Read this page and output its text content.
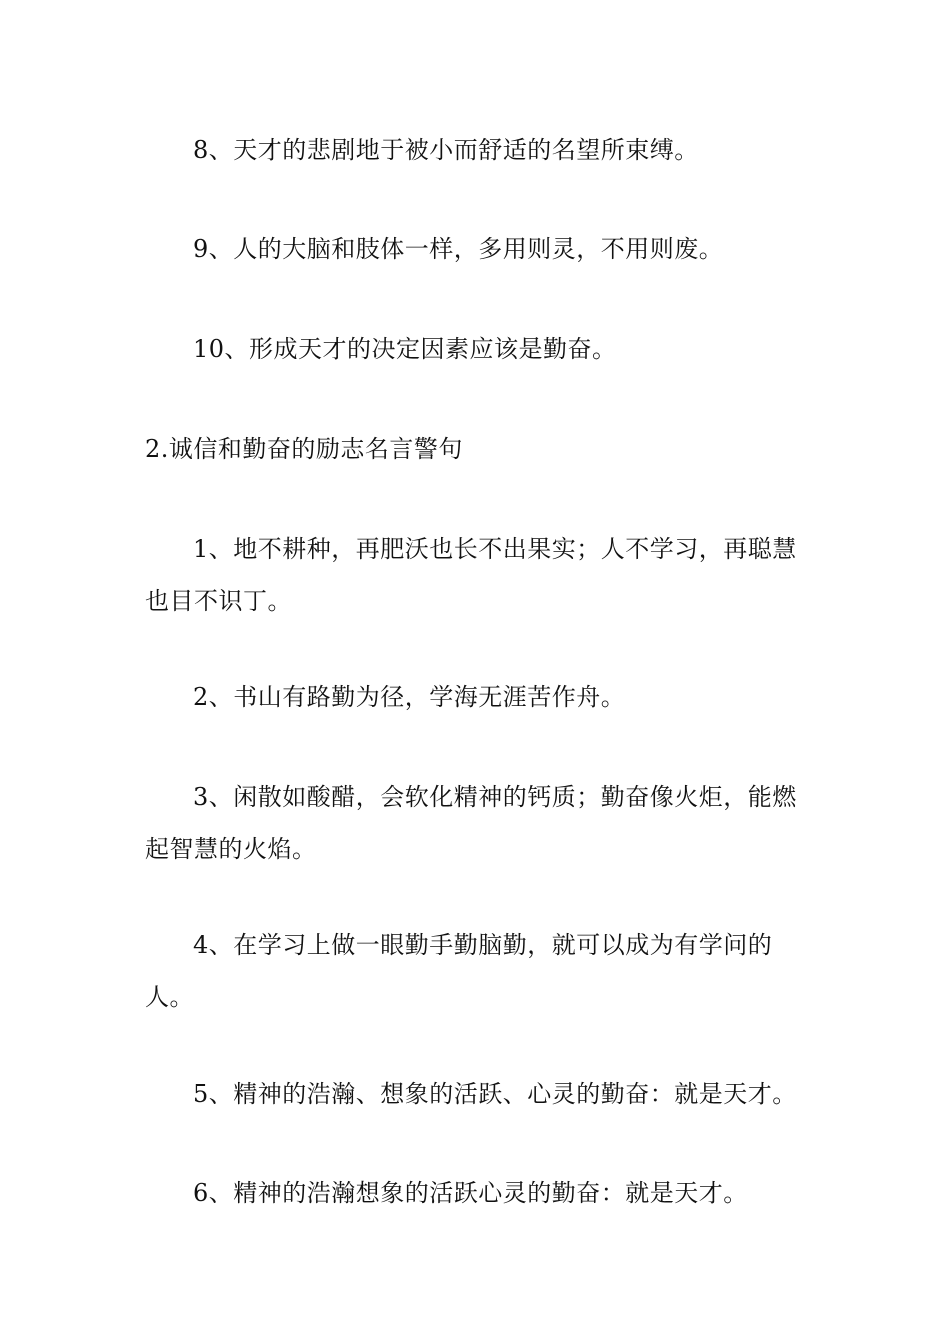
8、天才的悲剧地于被小而舒适的名望所束缚。

9、人的大脑和肢体一样，多用则灵，不用则废。

10、形成天才的决定因素应该是勤奋。

2.诚信和勤奋的励志名言警句

1、地不耕种，再肥沃也长不出果实；人不学习，再聪慧也目不识丁。

2、书山有路勤为径，学海无涯苦作舟。

3、闲散如酸醋，会软化精神的钙质；勤奋像火炬，能燃起智慧的火焰。

4、在学习上做一眼勤手勤脑勤，就可以成为有学问的人。

5、精神的浩瀚、想象的活跃、心灵的勤奋：就是天才。

6、精神的浩瀚想象的活跃心灵的勤奋：就是天才。
